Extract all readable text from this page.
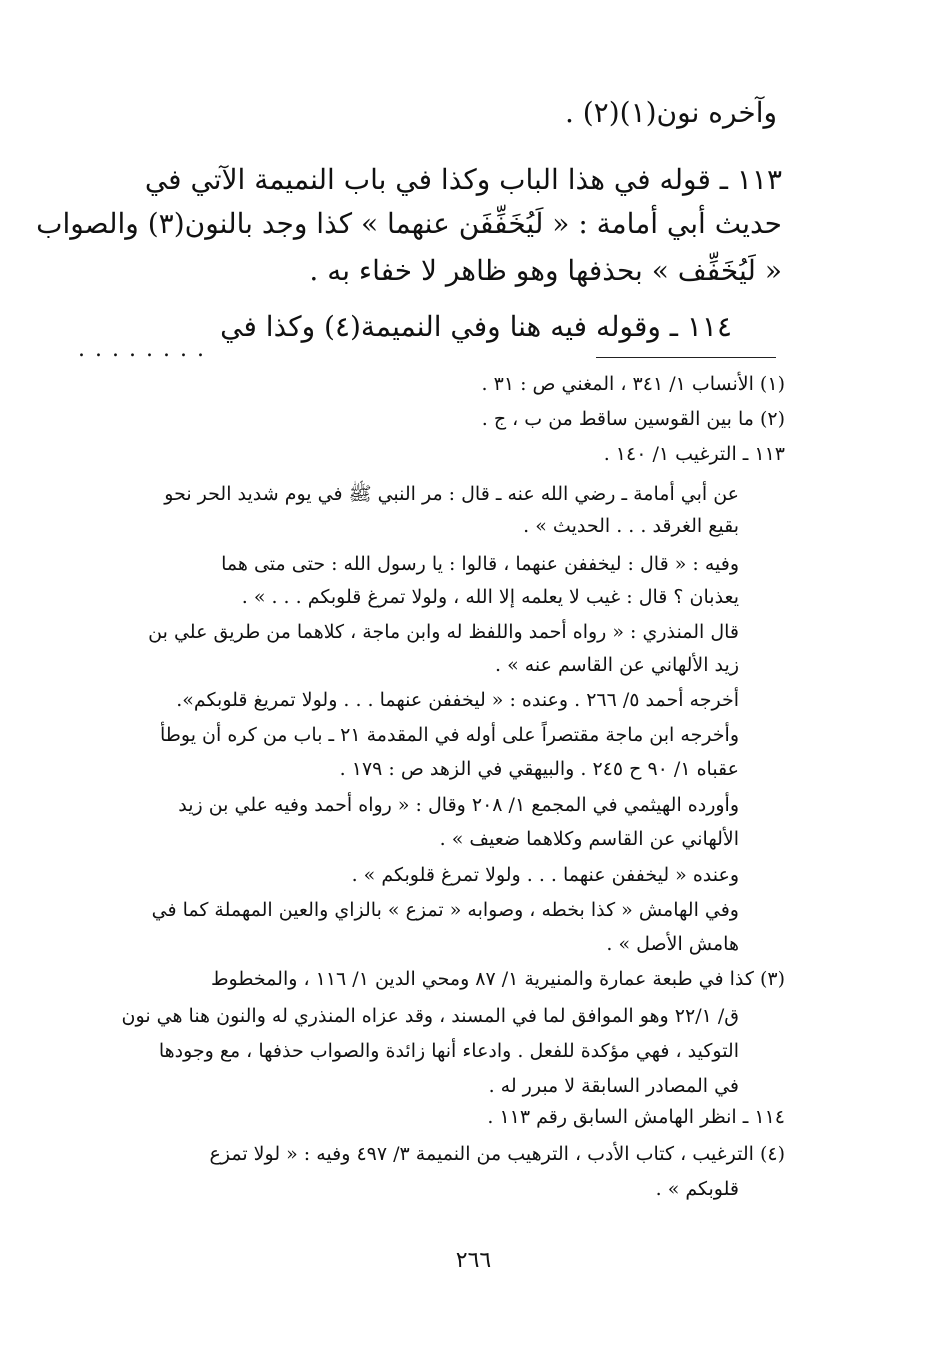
وآخره نون(١)(٢) .

١١٣ ـ قوله في هذا الباب وكذا في باب النميمة الآتي في

حديث أبي أمامة : « لَيُخَفِّفَن عنهما » كذا وجد بالنون(٣) والصواب

« لَيُخَفِّف » بحذفها وهو ظاهر لا خفاء به .

١١٤ ـ وقوله فيه هنا وفي النميمة(٤) وكذا في

........

(١) الأنساب ١/ ٣٤١ ، المغني ص : ٣١ .

(٢) ما بين القوسين ساقط من ب ، ج .

١١٣ ـ الترغيب ١/ ١٤٠ .

عن أبي أمامة ـ رضي الله عنه ـ قال : مر النبي ﷺ في يوم شديد الحر نحو

بقيع الغرقد . . . الحديث » .

وفيه : « قال : ليخففن عنهما ، قالوا : يا رسول الله : حتى متى هما

يعذبان ؟ قال : غيب لا يعلمه إلا الله ، ولولا تمرغ قلوبكم . . . » .

قال المنذري : « رواه أحمد واللفظ له وابن ماجة ، كلاهما من طريق علي بن

زيد الألهاني عن القاسم عنه » .

أخرجه أحمد ٥/ ٢٦٦ . وعنده : « ليخففن عنهما . . . ولولا تمريغ قلوبكم».

وأخرجه ابن ماجة مقتصراً على أوله في المقدمة ٢١ ـ باب من كره أن يوطأ

عقباه ١/ ٩٠ ح ٢٤٥ . والبيهقي في الزهد ص : ١٧٩ .

وأورده الهيثمي في المجمع ١/ ٢٠٨ وقال : « رواه أحمد وفيه علي بن زيد

الألهاني عن القاسم وكلاهما ضعيف » .

وعنده « ليخففن عنهما . . . ولولا تمرغ قلوبكم » .

وفي الهامش « كذا بخطه ، وصوابه « تمزع » بالزاي والعين المهملة كما في

هامش الأصل » .

(٣) كذا في طبعة عمارة والمنيرية ١/ ٨٧ ومحي الدين ١/ ١١٦ ، والمخطوط

ق/ ٢٢/١ وهو الموافق لما في المسند ، وقد عزاه المنذري له والنون هنا هي نون

التوكيد ، فهي مؤكدة للفعل . وادعاء أنها زائدة والصواب حذفها ، مع وجودها

في المصادر السابقة لا مبرر له .

١١٤ ـ انظر الهامش السابق رقم ١١٣ .

(٤) الترغيب ، كتاب الأدب ، الترهيب من النميمة ٣/ ٤٩٧ وفيه : « لولا تمزع

قلوبكم » .

٢٦٦
